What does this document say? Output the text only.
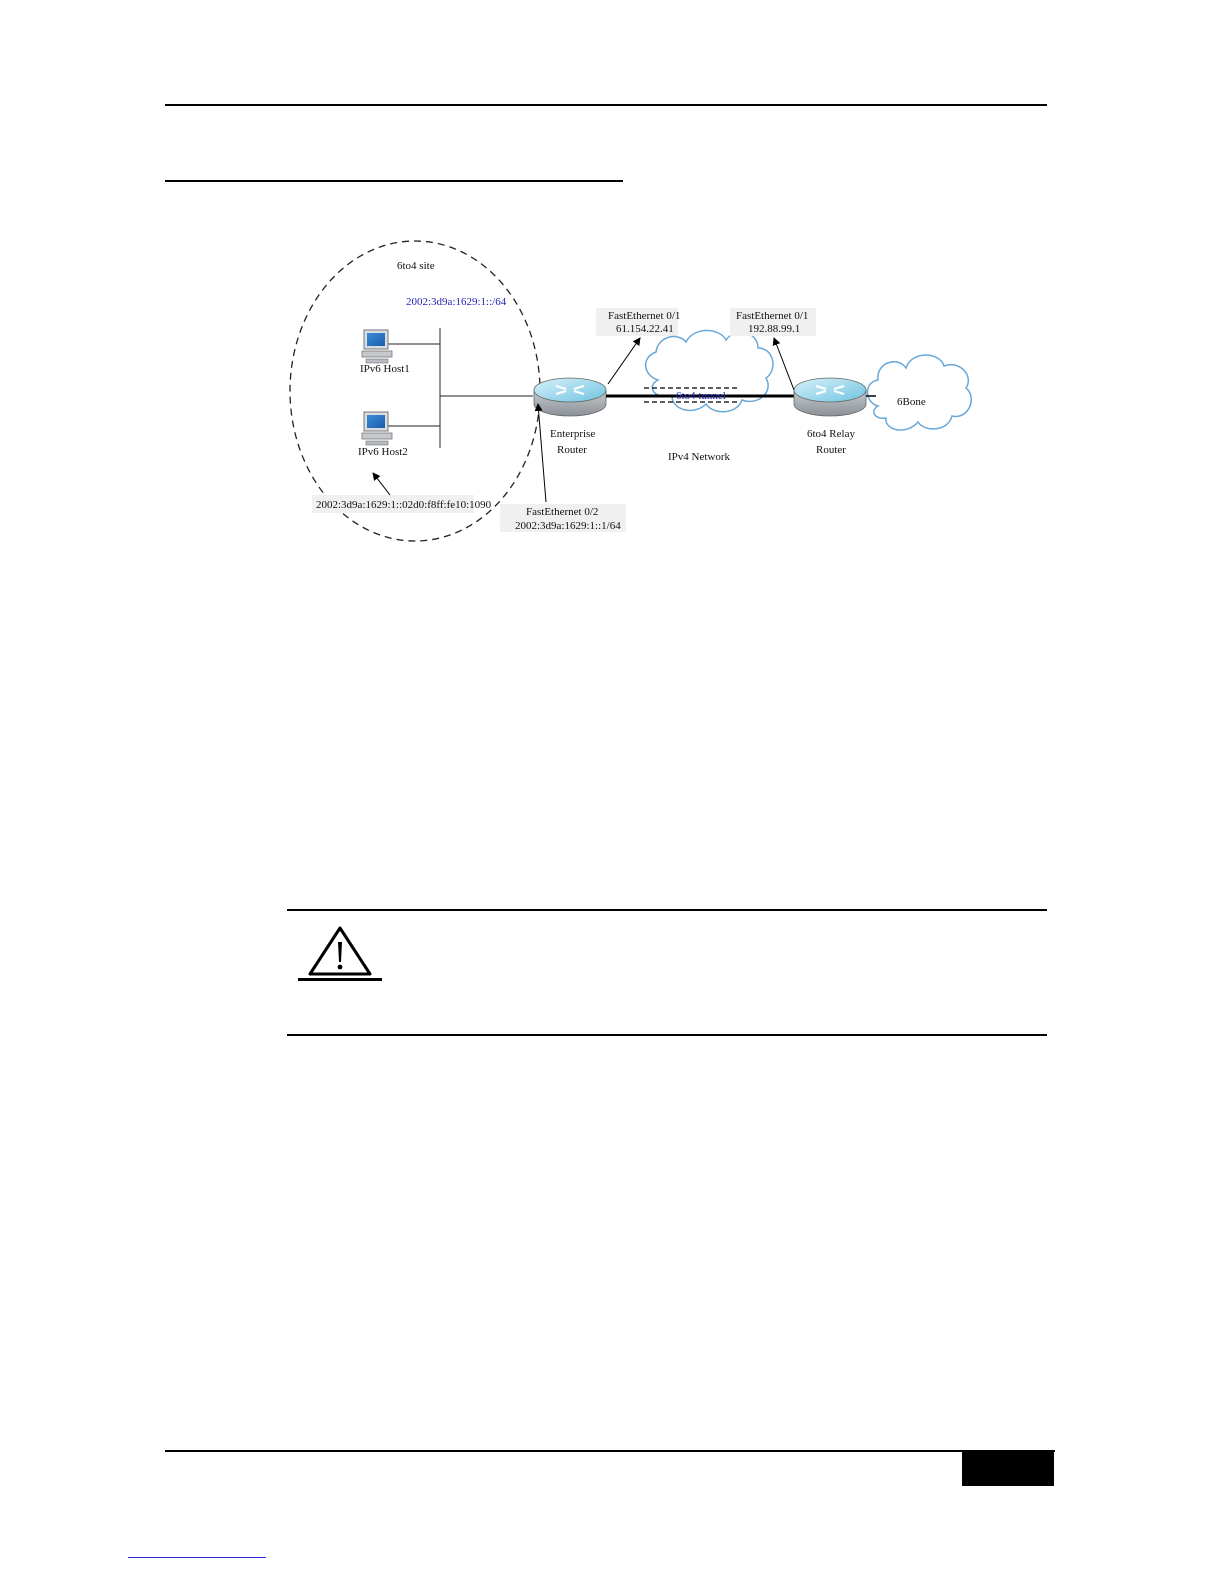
6to4 site
2002:3d9a:1629:1::/64
IPv6 Host1
IPv6 Host2
2002:3d9a:1629:1::02d0:f8ff:fe10:1090
Enterprise
Router
FastEthernet 0/1
61.154.22.41
FastEthernet 0/2
2002:3d9a:1629:1::1/64
IPv4 Network
6to4 tunnel
6to4 Relay
Router
FastEthernet 0/1
192.88.99.1
6Bone
